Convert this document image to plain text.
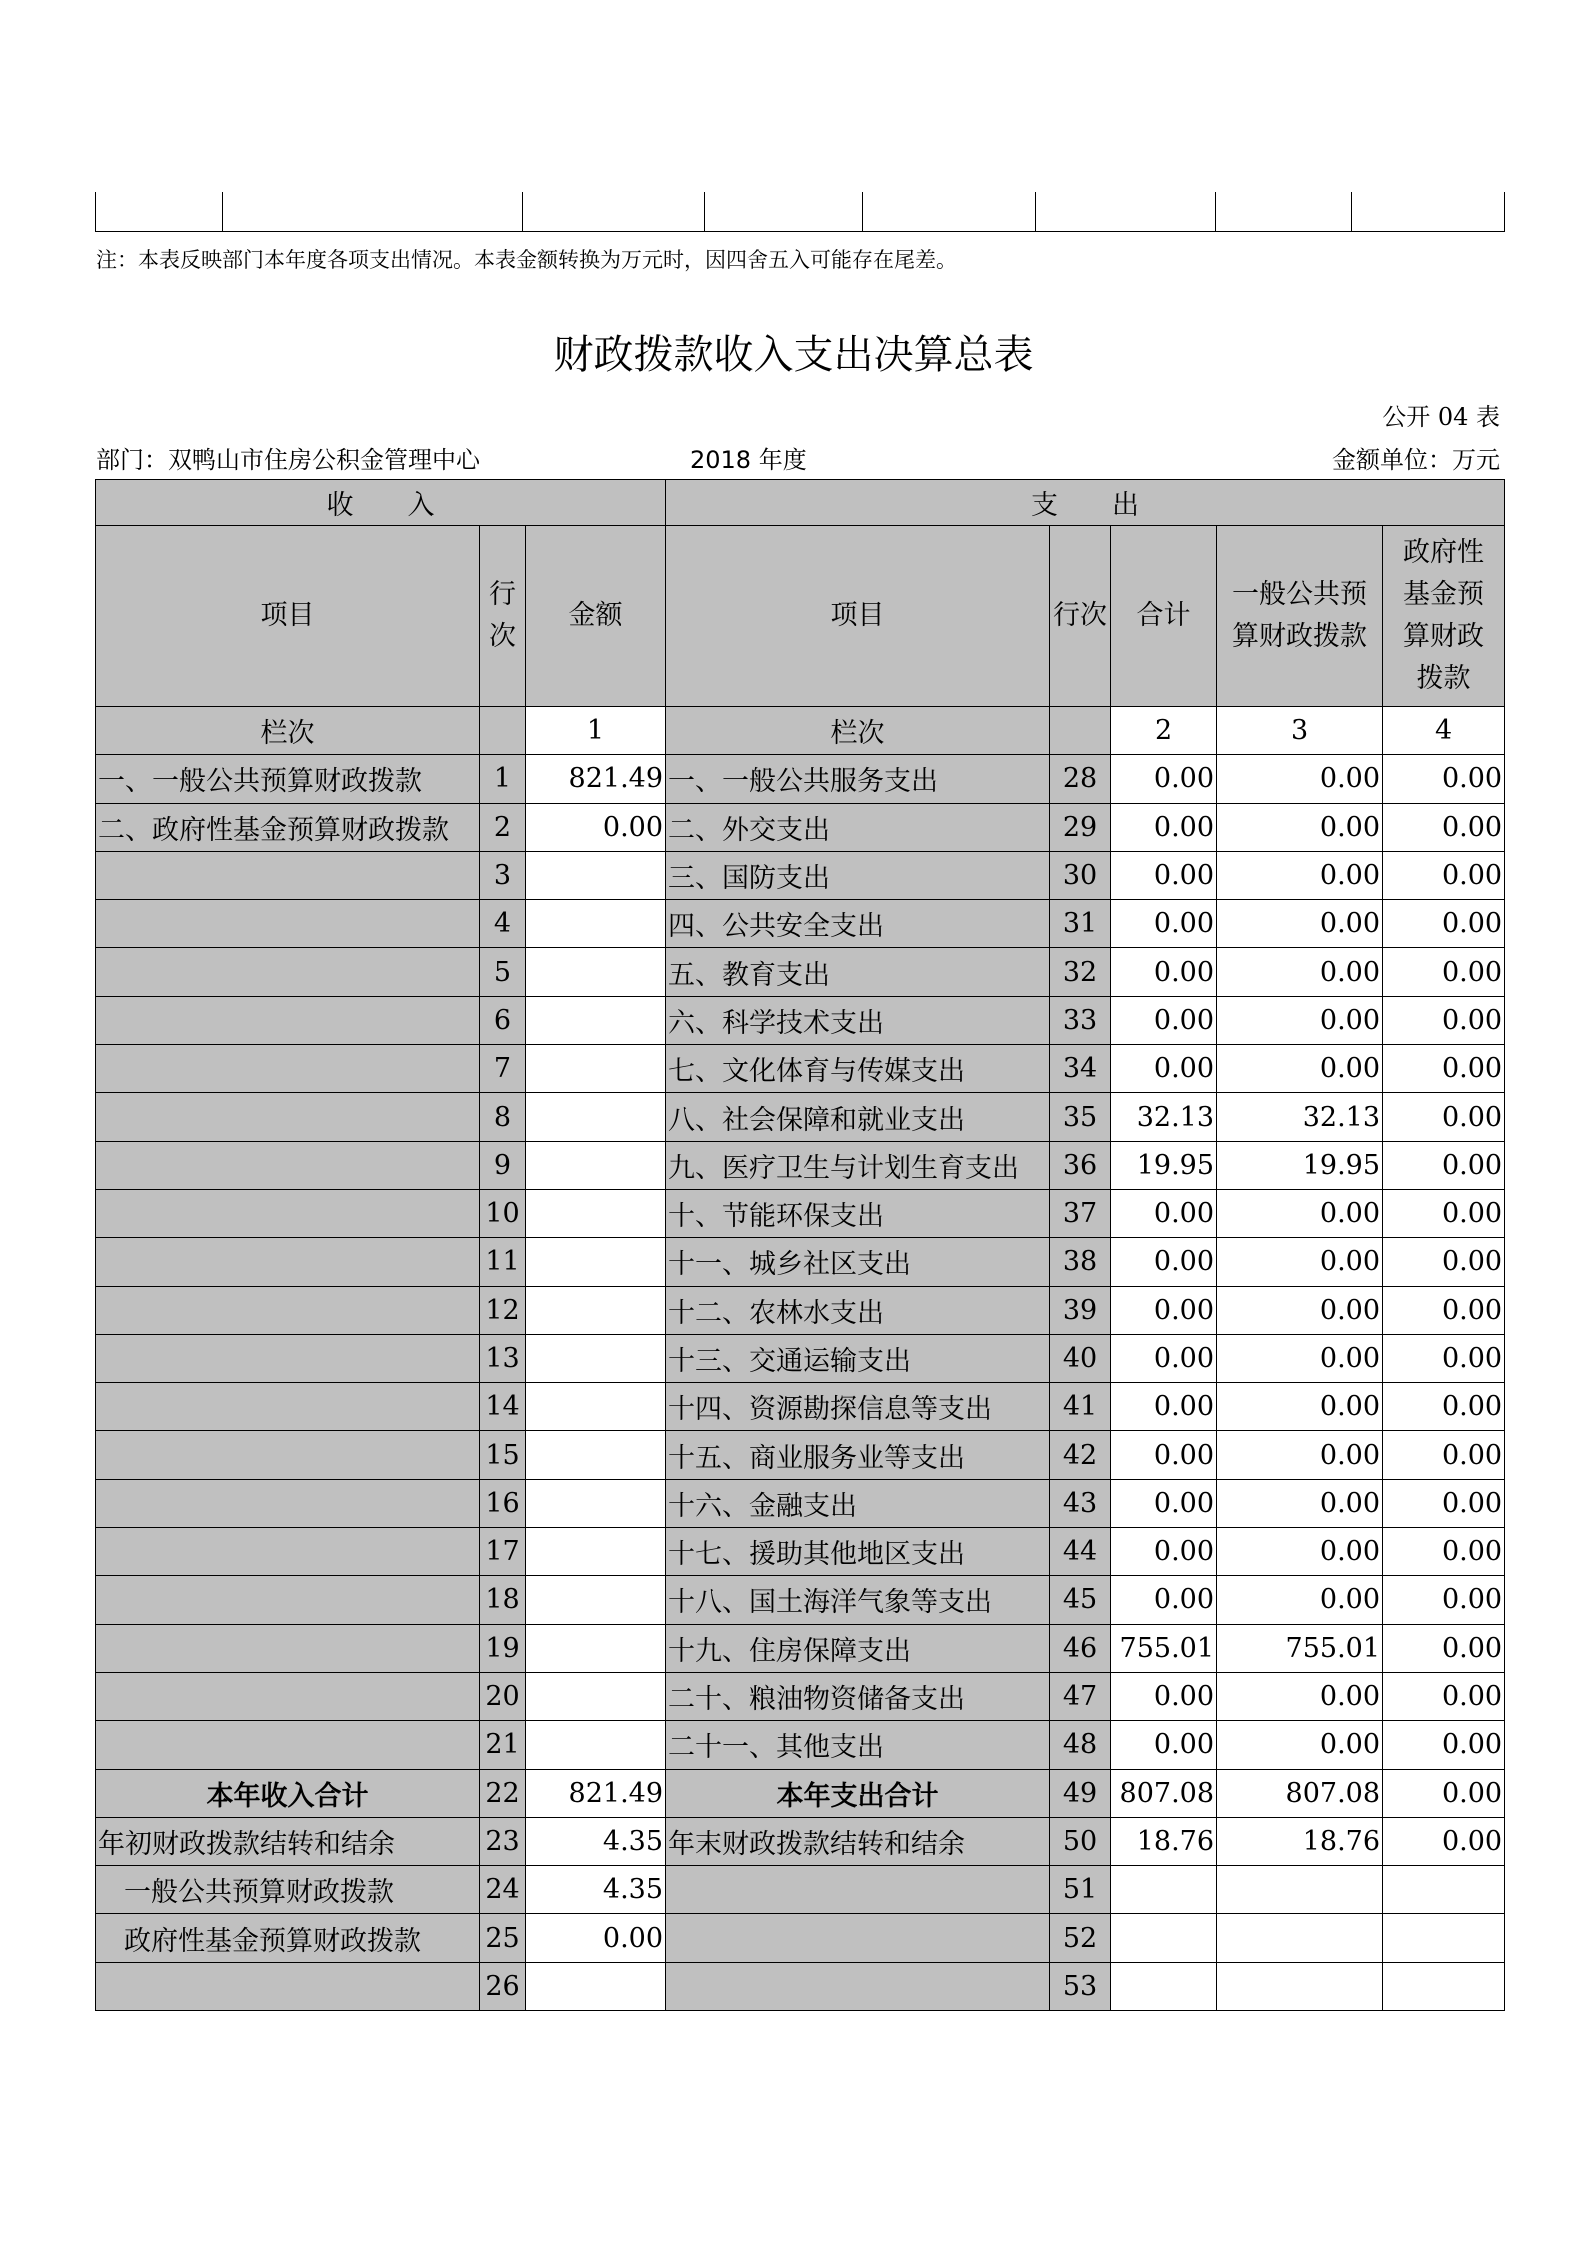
注：本表反映部门本年度各项支出情况。本表金额转换为万元时，因四舍五入可能存在尾差。
财政拨款收入支出决算总表
公开 04 表
部门：双鸭山市住房公积金管理中心	2018 年度	金额单位：万元
收　　入			支　　出				
项目	行次	金额	项目	行次	合计	一般公共预算财政拨款	政府性基金预算财政拨款
栏次		1	栏次		2	3	4
一、一般公共预算财政拨款	1	821.49	一、一般公共服务支出	28	0.00	0.00	0.00
二、政府性基金预算财政拨款	2	0.00	二、外交支出	29	0.00	0.00	0.00
	3		三、国防支出	30	0.00	0.00	0.00
	4		四、公共安全支出	31	0.00	0.00	0.00
	5		五、教育支出	32	0.00	0.00	0.00
	6		六、科学技术支出	33	0.00	0.00	0.00
	7		七、文化体育与传媒支出	34	0.00	0.00	0.00
	8		八、社会保障和就业支出	35	32.13	32.13	0.00
	9		九、医疗卫生与计划生育支出	36	19.95	19.95	0.00
	10		十、节能环保支出	37	0.00	0.00	0.00
	11		十一、城乡社区支出	38	0.00	0.00	0.00
	12		十二、农林水支出	39	0.00	0.00	0.00
	13		十三、交通运输支出	40	0.00	0.00	0.00
	14		十四、资源勘探信息等支出	41	0.00	0.00	0.00
	15		十五、商业服务业等支出	42	0.00	0.00	0.00
	16		十六、金融支出	43	0.00	0.00	0.00
	17		十七、援助其他地区支出	44	0.00	0.00	0.00
	18		十八、国土海洋气象等支出	45	0.00	0.00	0.00
	19		十九、住房保障支出	46	755.01	755.01	0.00
	20		二十、粮油物资储备支出	47	0.00	0.00	0.00
	21		二十一、其他支出	48	0.00	0.00	0.00
本年收入合计	22	821.49	本年支出合计	49	807.08	807.08	0.00
年初财政拨款结转和结余	23	4.35	年末财政拨款结转和结余	50	18.76	18.76	0.00
一般公共预算财政拨款	24	4.35		51			
政府性基金预算财政拨款	25	0.00		52			
	26			53			
